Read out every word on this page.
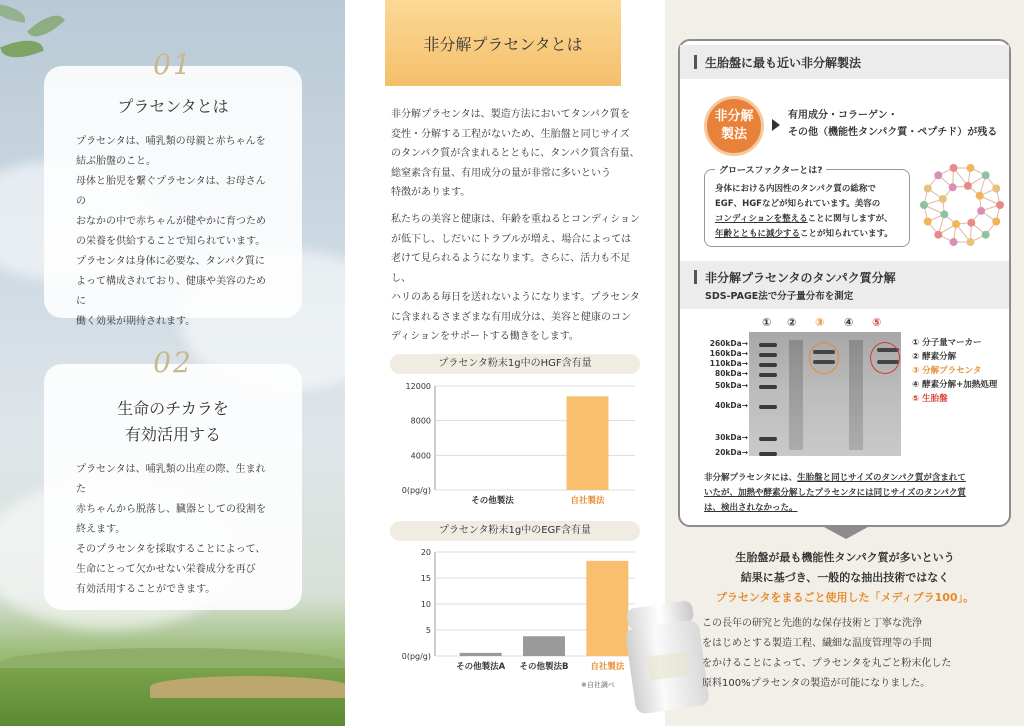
01
プラセンタとは
プラセンタは、哺乳類の母親と赤ちゃんを
結ぶ胎盤のこと。
母体と胎児を繋ぐプラセンタは、お母さんの
おなかの中で赤ちゃんが健やかに育つため
の栄養を供給することで知られています。
プラセンタは身体に必要な、タンパク質に
よって構成されており、健康や美容のために
働く効果が期待されます。
02
生命のチカラを
有効活用する
プラセンタは、哺乳類の出産の際、生まれた
赤ちゃんから脱落し、臓器としての役割を
終えます。
そのプラセンタを採取することによって、
生命にとって欠かせない栄養成分を再び
有効活用することができます。
非分解プラセンタとは
非分解プラセンタは、製造方法においてタンパク質を
変性・分解する工程がないため、生胎盤と同じサイズ
のタンパク質が含まれるとともに、タンパク質含有量、
総窒素含有量、有用成分の量が非常に多いという
特徴があります。
私たちの美容と健康は、年齢を重ねるとコンディション
が低下し、しだいにトラブルが増え、場合によっては
老けて見られるようになります。さらに、活力も不足し、
ハリのある毎日を送れないようになります。プラセンタ
に含まれるさまざまな有用成分は、美容と健康のコン
ディションをサポートする働きをします。
プラセンタ粉末1g中のHGF含有量
12000
8000
4000
0(pg/g)
その他製法	自社製法
プラセンタ粉末1g中のEGF含有量
20
15
10
5
0(pg/g)
その他製法A その他製法B	自社製法
※自社調べ
生胎盤に最も近い非分解製法
非分解
製法
有用成分・コラーゲン・
その他（機能性タンパク質・ペプチド）が残る
グロースファクターとは?
身体における内因性のタンパク質の総称で
EGF、HGFなどが知られています。美容の
コンディションを整えることに関与しますが、
年齢とともに減少することが知られています。
非分解プラセンタのタンパク質分解
SDS-PAGE法で分子量分布を測定
① ② ③ ④ ⑤
260kDa→
160kDa→
110kDa→
80kDa→
50kDa→
40kDa→
30kDa→
20kDa→
① 分子量マーカー
② 酵素分解
③ 分解プラセンタ
④ 酵素分解+加熱処理
⑤ 生胎盤
非分解プラセンタには、生胎盤と同じサイズのタンパク質が含まれて
いたが、加熱や酵素分解したプラセンタには同じサイズのタンパク質
は、検出されなかった。
生胎盤が最も機能性タンパク質が多いという
結果に基づき、一般的な抽出技術ではなく
プラセンタをまるごと使用した「メディプラ100」。
この長年の研究と先進的な保存技術と丁寧な洗浄
をはじめとする製造工程、繊細な温度管理等の手間
をかけることによって、プラセンタを丸ごと粉末化した
原料100%プラセンタの製造が可能になりました。
